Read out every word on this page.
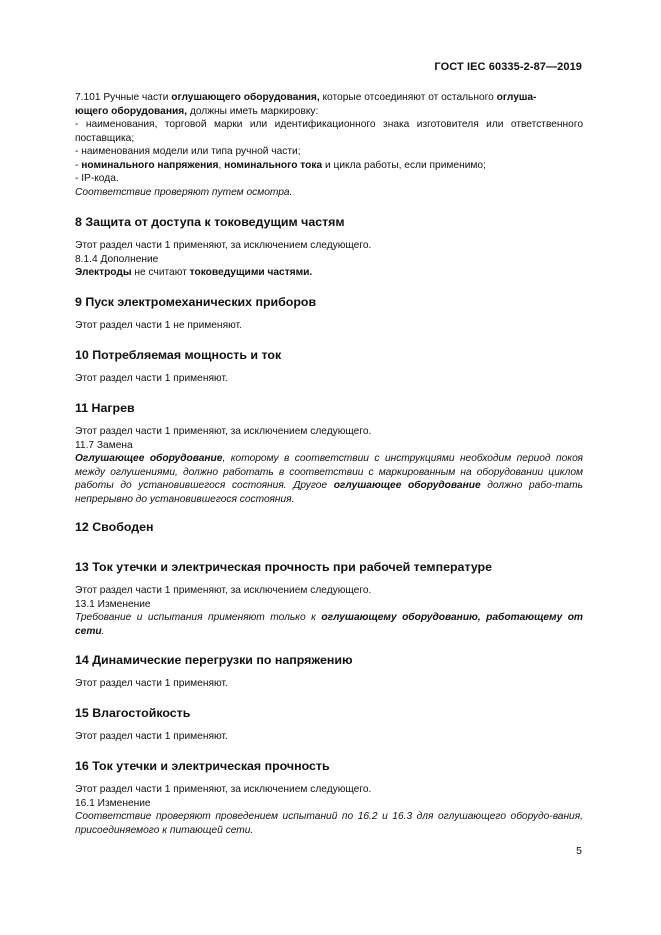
ГОСТ IEC 60335-2-87—2019

7.101 Ручные части оглушающего оборудования, которые отсоединяют от остального оглуша-
ющего оборудования, должны иметь маркировку:

- наименования, торговой марки или идентификационного знака изготовителя или ответственного поставщика;

- наименования модели или типа ручной части;

- номинального напряжения, номинального тока и цикла работы, если применимо;

- IP-кода.

Соответствие проверяют путем осмотра.

8 Защита от доступа к токоведущим частям

Этот раздел части 1 применяют, за исключением следующего.

8.1.4 Дополнение

Электроды не считают токоведущими частями.

9 Пуск электромеханических приборов

Этот раздел части 1 не применяют.

10 Потребляемая мощность и ток

Этот раздел части 1 применяют.

11 Нагрев

Этот раздел части 1 применяют, за исключением следующего.

11.7 Замена

Оглушающее оборудование, которому в соответствии с инструкциями необходим период покоя между оглушениями, должно работать в соответствии с маркированным на оборудовании циклом работы до установившегося состояния. Другое оглушающее оборудование должно рабо-тать непрерывно до установившегося состояния.

12 Свободен
13 Ток утечки и электрическая прочность при рабочей температуре

Этот раздел части 1 применяют, за исключением следующего.

13.1 Изменение

Требование и испытания применяют только к оглушающему оборудованию, работающему от сети.

14 Динамические перегрузки по напряжению

Этот раздел части 1 применяют.

15 Влагостойкость

Этот раздел части 1 применяют.

16 Ток утечки и электрическая прочность

Этот раздел части 1 применяют, за исключением следующего.

16.1 Изменение

Соответствие проверяют проведением испытаний по 16.2 и 16.3 для оглушающего оборудо-вания, присоединяемого к питающей сети.

5
